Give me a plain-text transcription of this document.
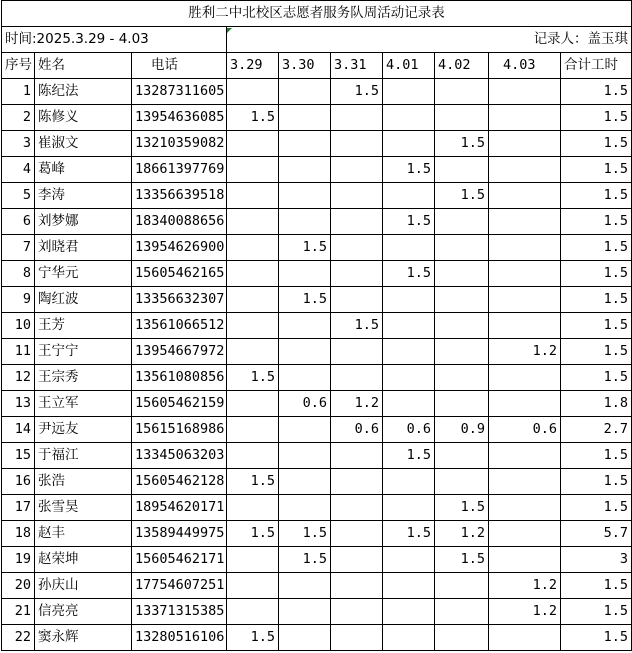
胜利二中北校区志愿者服务队周活动记录表									
时间:2025.3.29 - 4.03			记录人：盖玉琪						
序号	姓名	电话	3.29	3.30	3.31	4.01	4.02	4.03	合计工时
1	陈纪法	13287311605			1.5				1.5
2	陈修义	13954636085	1.5						1.5
3	崔淑文	13210359082					1.5		1.5
4	葛峰	18661397769				1.5			1.5
5	李涛	13356639518					1.5		1.5
6	刘梦娜	18340088656				1.5			1.5
7	刘晓君	13954626900		1.5					1.5
8	宁华元	15605462165				1.5			1.5
9	陶红波	13356632307		1.5					1.5
10	王芳	13561066512			1.5				1.5
11	王宁宁	13954667972						1.2	1.5
12	王宗秀	13561080856	1.5						1.5
13	王立军	15605462159		0.6	1.2				1.8
14	尹远友	15615168986			0.6	0.6	0.9	0.6	2.7
15	于福江	13345063203				1.5			1.5
16	张浩	15605462128	1.5						1.5
17	张雪昊	18954620171					1.5		1.5
18	赵丰	13589449975	1.5	1.5		1.5	1.2		5.7
19	赵荣坤	15605462171		1.5			1.5		3
20	孙庆山	17754607251						1.2	1.5
21	信亮亮	13371315385						1.2	1.5
22	窦永辉	13280516106	1.5						1.5
